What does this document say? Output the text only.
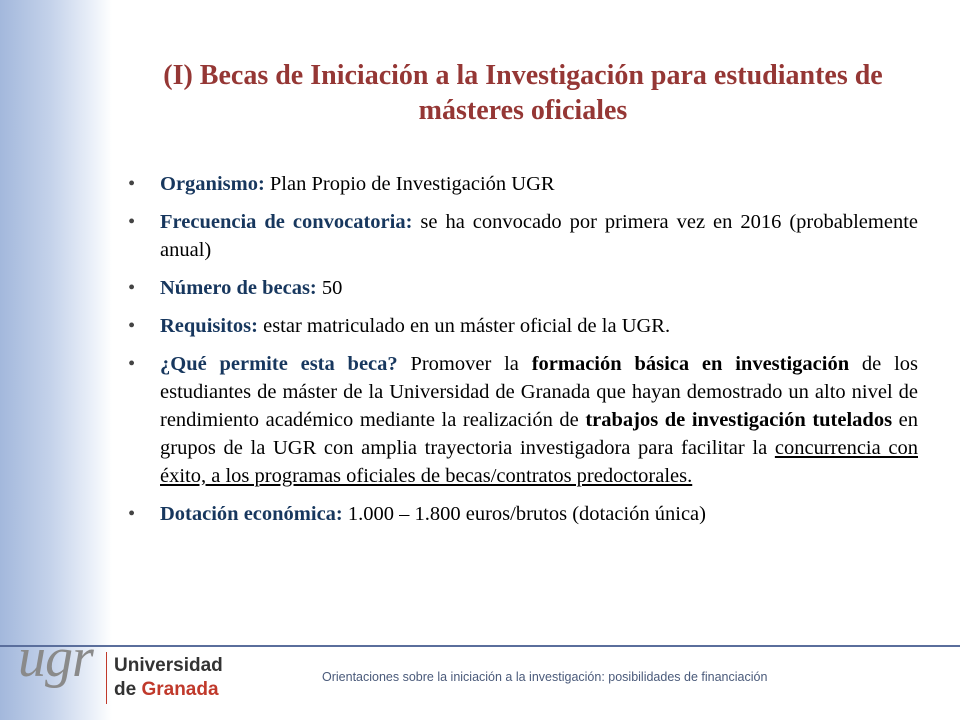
(I) Becas de Iniciación a la Investigación para estudiantes de másteres oficiales
• Organismo: Plan Propio de Investigación UGR
• Frecuencia de convocatoria: se ha convocado por primera vez en 2016 (probablemente anual)
• Número de becas: 50
• Requisitos: estar matriculado en un máster oficial de la UGR.
• ¿Qué permite esta beca? Promover la formación básica en investigación de los estudiantes de máster de la Universidad de Granada que hayan demostrado un alto nivel de rendimiento académico mediante la realización de trabajos de investigación tutelados en grupos de la UGR con amplia trayectoria investigadora para facilitar la concurrencia con éxito, a los programas oficiales de becas/contratos predoctorales.
• Dotación económica: 1.000 – 1.800 euros/brutos (dotación única)
ugr Universidad
de Granada
Orientaciones sobre la iniciación a la investigación: posibilidades de financiación
